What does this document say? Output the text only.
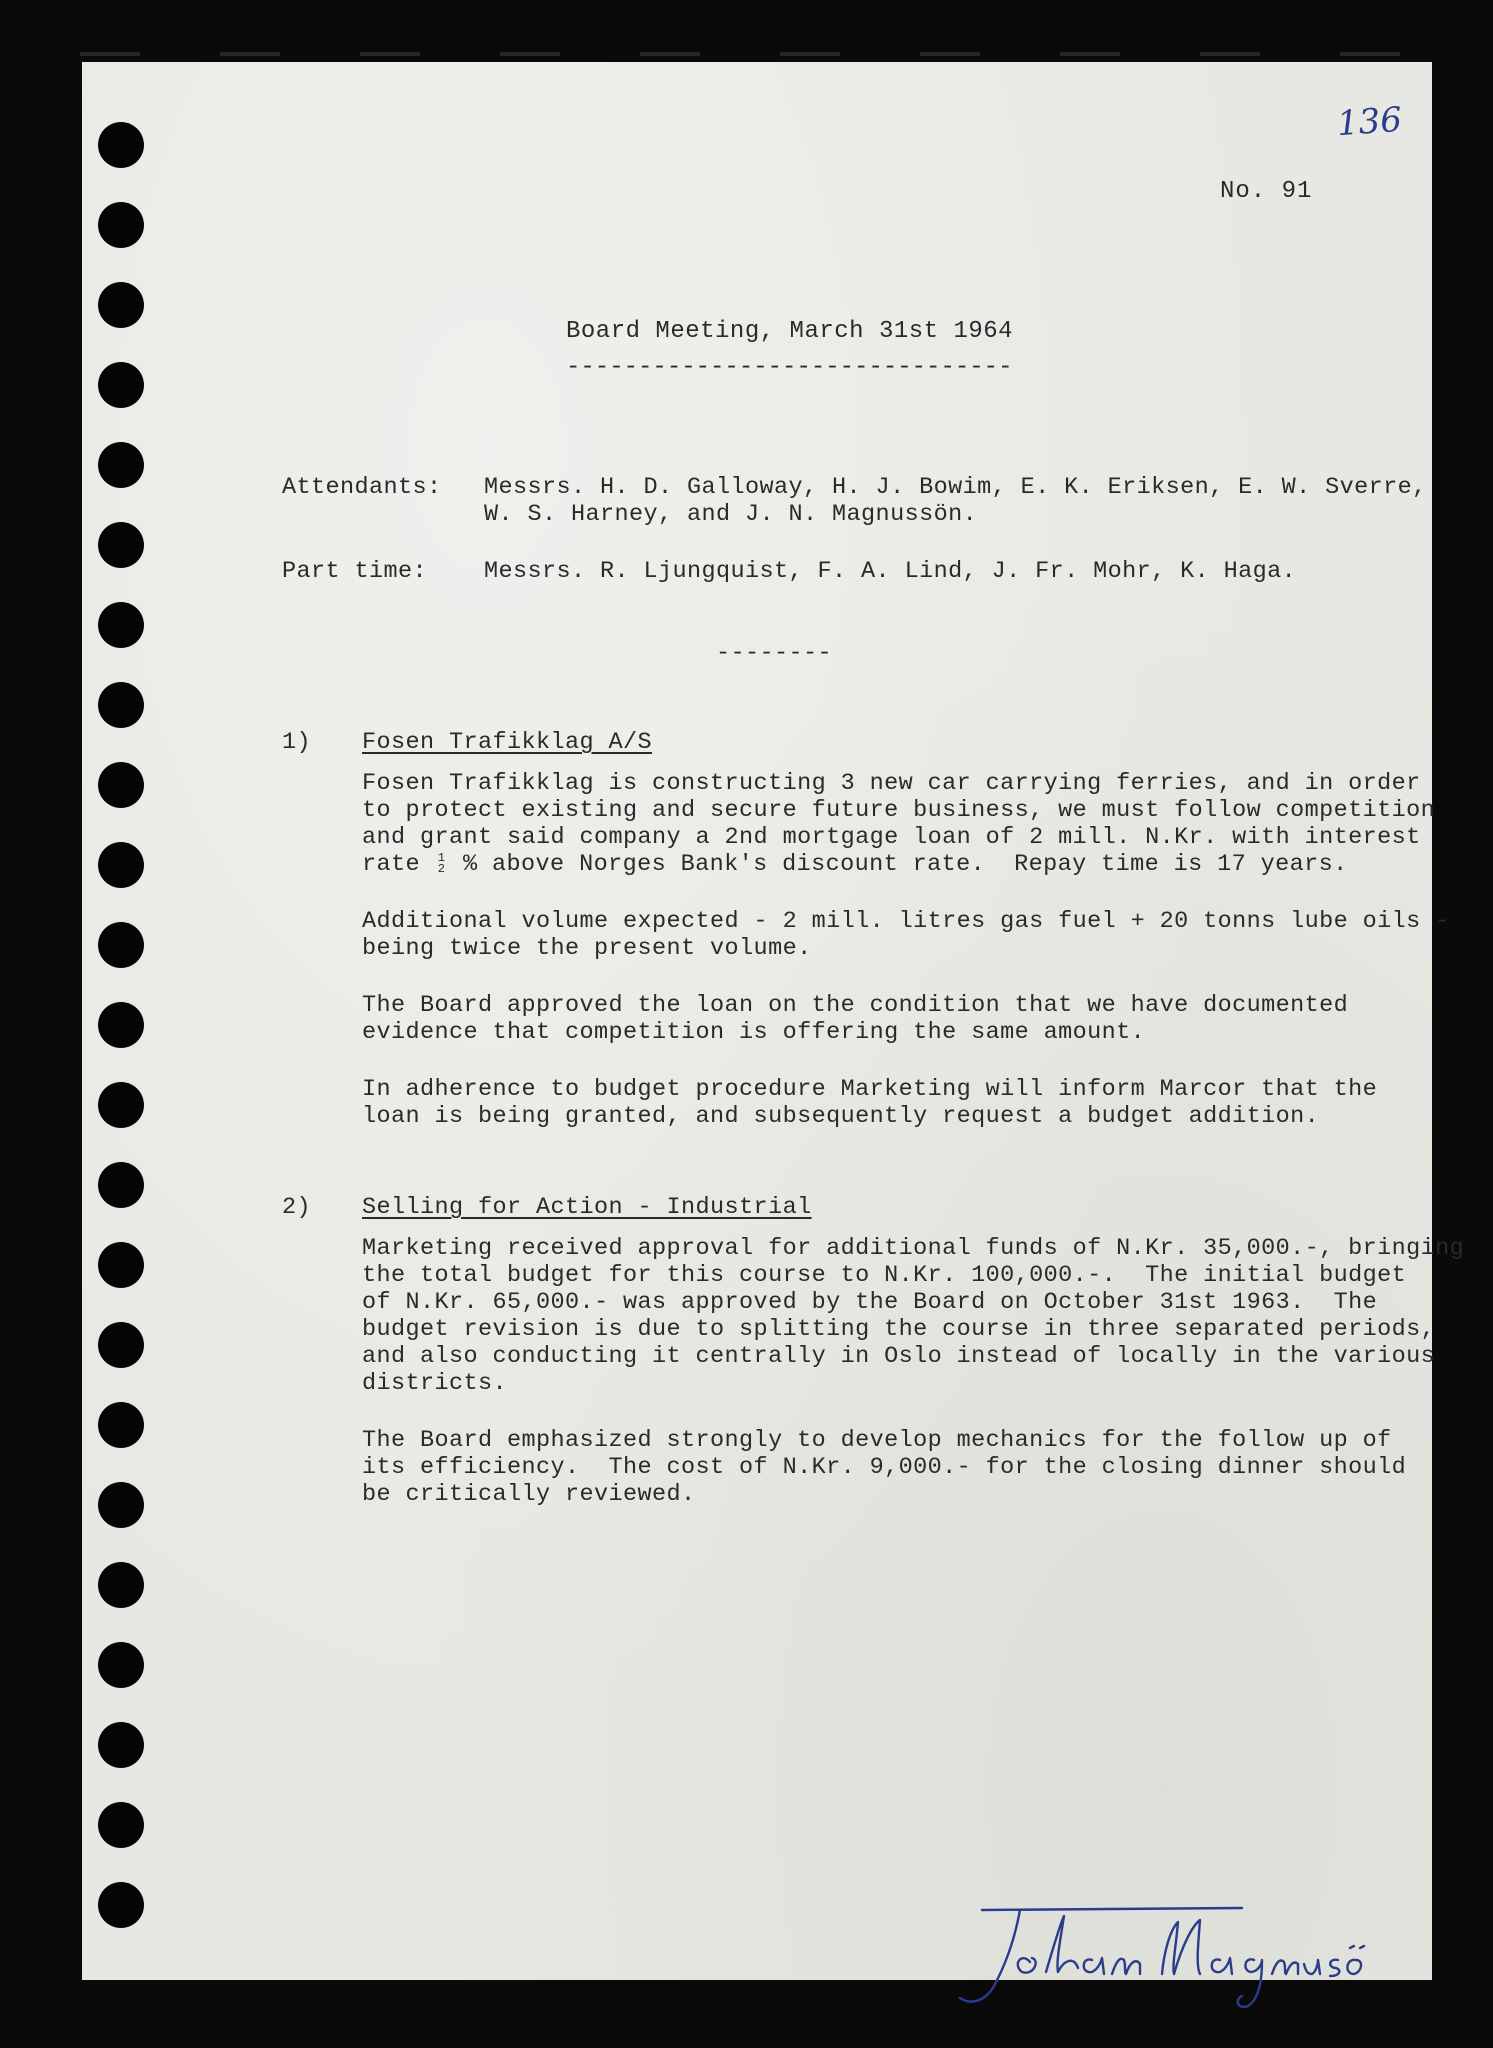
136
No. 91
Board Meeting, March 31st 1964
-------------------------------
Attendants: Messrs. H. D. Galloway, H. J. Bowim, E. K. Eriksen, E. W. Sverre,
W. S. Harney, and J. N. Magnussön.
Part time: Messrs. R. Ljungquist, F. A. Lind, J. Fr. Mohr, K. Haga.
--------
1) Fosen Trafikklag A/S
Fosen Trafikklag is constructing 3 new car carrying ferries, and in order
to protect existing and secure future business, we must follow competition
and grant said company a 2nd mortgage loan of 2 mill. N.Kr. with interest
rate 1
2 % above Norges Bank's discount rate.  Repay time is 17 years.
Additional volume expected - 2 mill. litres gas fuel + 20 tonns lube oils -
being twice the present volume.
The Board approved the loan on the condition that we have documented
evidence that competition is offering the same amount.
In adherence to budget procedure Marketing will inform Marcor that the
loan is being granted, and subsequently request a budget addition.
2) Selling for Action - Industrial
Marketing received approval for additional funds of N.Kr. 35,000.-, bringing
the total budget for this course to N.Kr. 100,000.-.  The initial budget
of N.Kr. 65,000.- was approved by the Board on October 31st 1963.  The
budget revision is due to splitting the course in three separated periods,
and also conducting it centrally in Oslo instead of locally in the various
districts.
The Board emphasized strongly to develop mechanics for the follow up of
its efficiency.  The cost of N.Kr. 9,000.- for the closing dinner should
be critically reviewed.
